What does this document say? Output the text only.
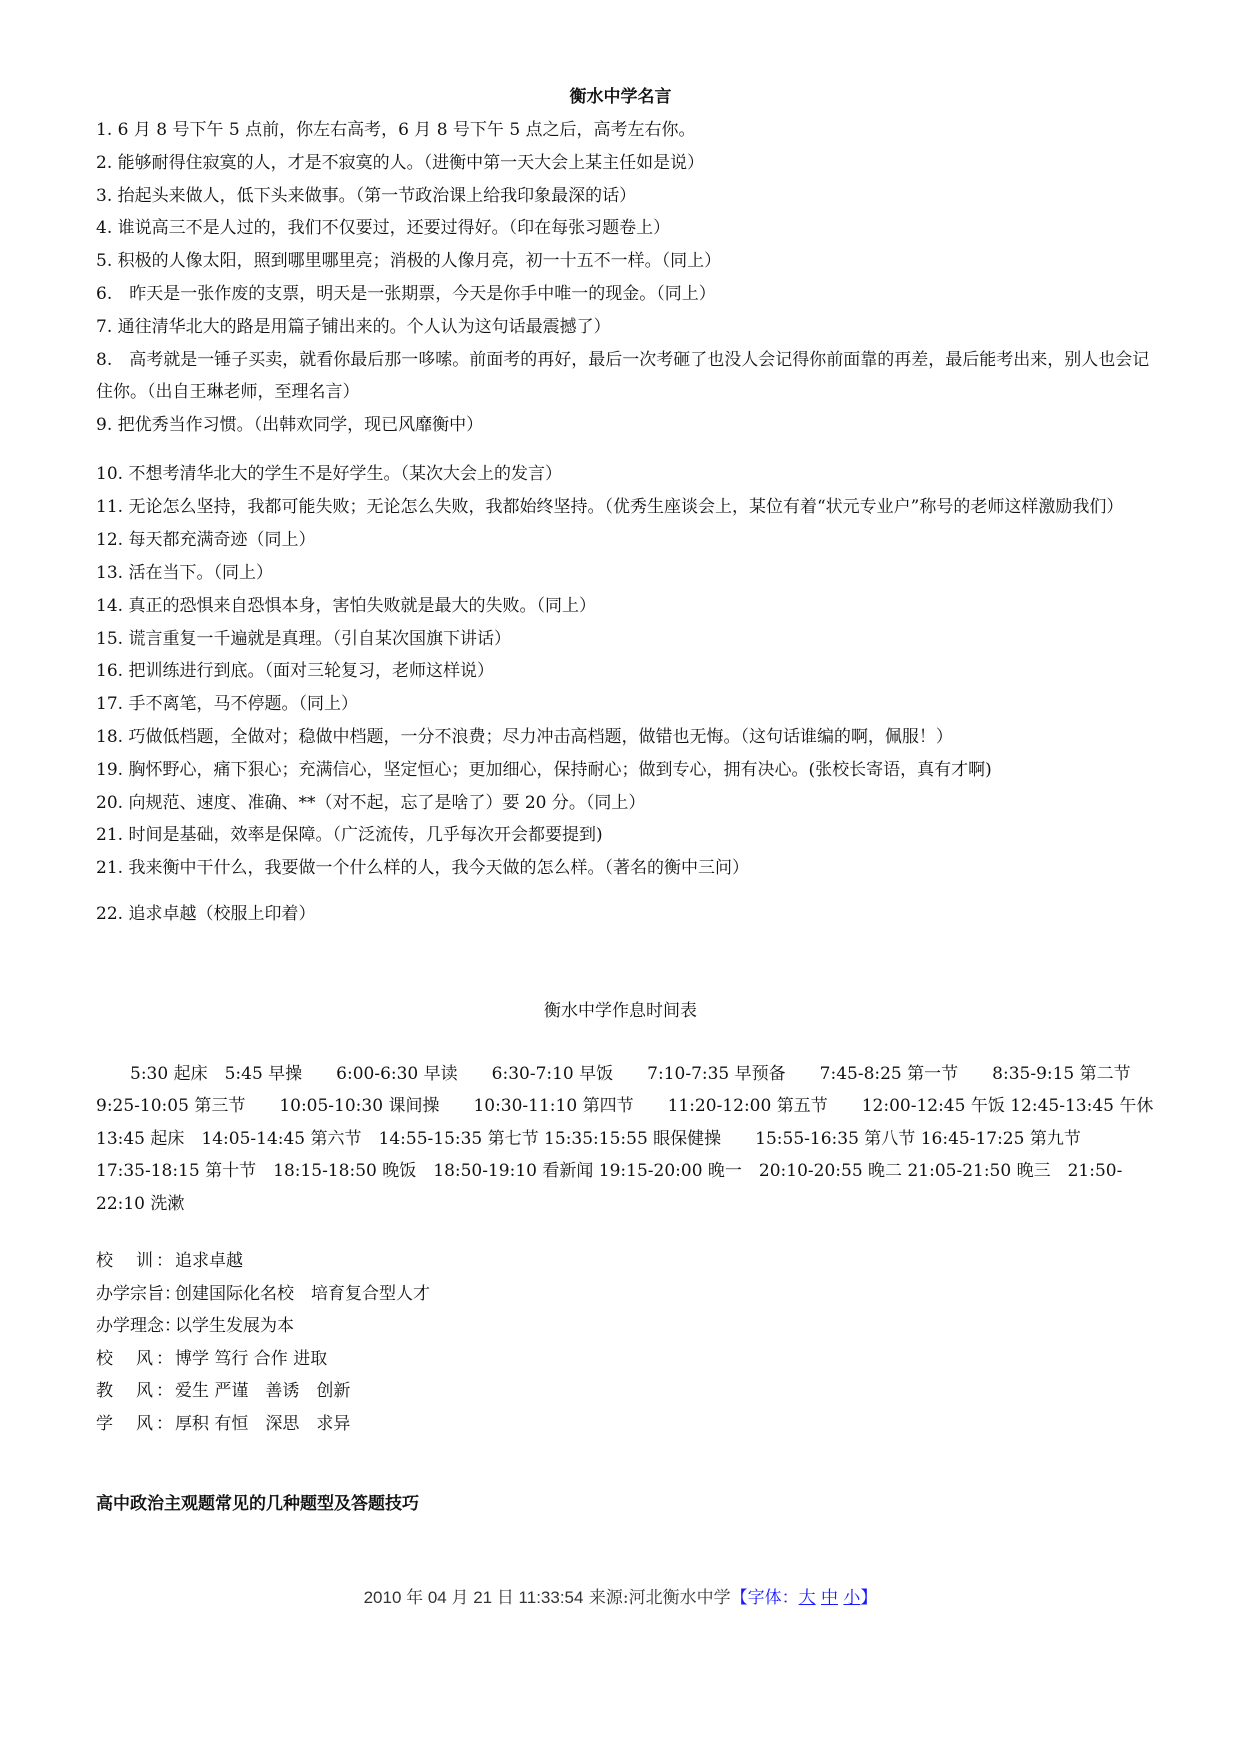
衡水中学名言

1. 6 月 8 号下午 5 点前，你左右高考，6 月 8 号下午 5 点之后，高考左右你。

2. 能够耐得住寂寞的人，才是不寂寞的人。（进衡中第一天大会上某主任如是说）

3. 抬起头来做人，低下头来做事。（第一节政治课上给我印象最深的话）

4. 谁说高三不是人过的，我们不仅要过，还要过得好。（印在每张习题卷上）

5. 积极的人像太阳，照到哪里哪里亮；消极的人像月亮，初一十五不一样。（同上）

6.　昨天是一张作废的支票，明天是一张期票，今天是你手中唯一的现金。（同上）

7. 通往清华北大的路是用篇子铺出来的。个人认为这句话最震撼了）

8.　高考就是一锤子买卖，就看你最后那一哆嗦。前面考的再好，最后一次考砸了也没人会记得你前面靠的再差，最后能考出来，别人也会记住你。（出自王琳老师，至理名言）

9. 把优秀当作习惯。（出韩欢同学，现已风靡衡中）

10. 不想考清华北大的学生不是好学生。（某次大会上的发言）

11. 无论怎么坚持，我都可能失败；无论怎么失败，我都始终坚持。（优秀生座谈会上，某位有着“状元专业户”称号的老师这样激励我们）

12. 每天都充满奇迹（同上）

13. 活在当下。（同上）

14. 真正的恐惧来自恐惧本身，害怕失败就是最大的失败。（同上）

15. 谎言重复一千遍就是真理。（引自某次国旗下讲话）

16. 把训练进行到底。（面对三轮复习，老师这样说）

17. 手不离笔，马不停题。（同上）

18. 巧做低档题，全做对；稳做中档题，一分不浪费；尽力冲击高档题，做错也无悔。（这句话谁编的啊，佩服！）

19. 胸怀野心，痛下狠心；充满信心，坚定恒心；更加细心，保持耐心；做到专心，拥有决心。(张校长寄语，真有才啊)

20. 向规范、速度、准确、**（对不起，忘了是啥了）要 20 分。（同上）

21. 时间是基础，效率是保障。（广泛流传，几乎每次开会都要提到)

21. 我来衡中干什么，我要做一个什么样的人，我今天做的怎么样。（著名的衡中三问）

22. 追求卓越（校服上印着）

衡水中学作息时间表

5:30 起床　5:45 早操　　6:00-6:30 早读　　6:30-7:10 早饭　　7:10-7:35 早预备　　7:45-8:25 第一节　　8:35-9:15 第二节　　9:25-10:05 第三节　　10:05-10:30 课间操　　10:30-11:10 第四节　　11:20-12:00 第五节　　12:00-12:45 午饭 12:45-13:45 午休　　13:45 起床　14:05-14:45 第六节　14:55-15:35 第七节 15:35:15:55 眼保健操　　15:55-16:35 第八节 16:45-17:25 第九节　　17:35-18:15 第十节　18:15-18:50 晚饭　18:50-19:10 看新闻 19:15-20:00 晚一　20:10-20:55 晚二 21:05-21:50 晚三　21:50-22:10 洗漱

校　训： 追求卓越

办学宗旨：创建国际化名校　培育复合型人才

办学理念：以学生发展为本

校　风： 博学 笃行 合作 进取

教　风： 爱生 严谨　善诱　创新

学　风： 厚积 有恒　深思　求异

高中政治主观题常见的几种题型及答题技巧
2010 年 04 月 21 日 11:33:54 来源:河北衡水中学【字体：大 中 小】
